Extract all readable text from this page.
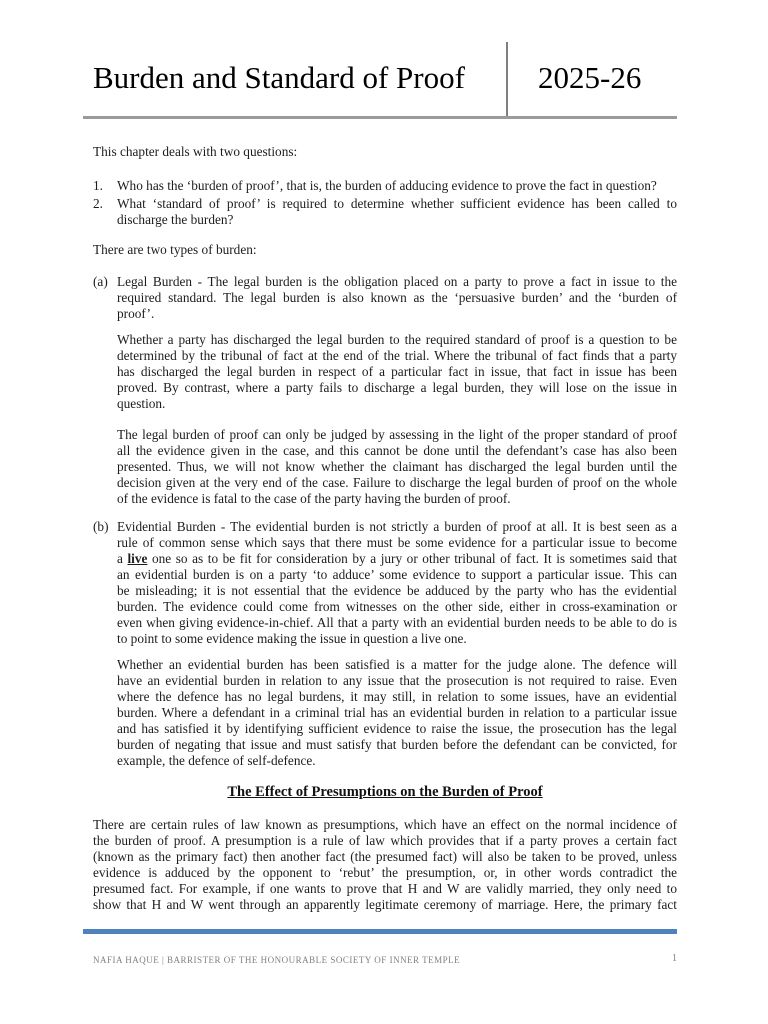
Burden and Standard of Proof 2025-26
This chapter deals with two questions:
1.	Who has the ‘burden of proof’, that is, the burden of adducing evidence to prove the fact in question?
2.	What ‘standard of proof’ is required to determine whether sufficient evidence has been called to
discharge the burden?
There are two types of burden:
(a) Legal Burden - The legal burden is the obligation placed on a party to prove a fact in issue to the
required standard. The legal burden is also known as the ‘persuasive burden’ and the ‘burden of
proof’.
Whether a party has discharged the legal burden to the required standard of proof is a question to be
determined by the tribunal of fact at the end of the trial. Where the tribunal of fact finds that a party
has discharged the legal burden in respect of a particular fact in issue, that fact in issue has been
proved. By contrast, where a party fails to discharge a legal burden, they will lose on the issue in
question.
The legal burden of proof can only be judged by assessing in the light of the proper standard of proof
all the evidence given in the case, and this cannot be done until the defendant’s case has also been
presented. Thus, we will not know whether the claimant has discharged the legal burden until the
decision given at the very end of the case. Failure to discharge the legal burden of proof on the whole
of the evidence is fatal to the case of the party having the burden of proof.
(b) Evidential Burden - The evidential burden is not strictly a burden of proof at all. It is best seen as a
rule of common sense which says that there must be some evidence for a particular issue to become
a live one so as to be fit for consideration by a jury or other tribunal of fact. It is sometimes said that
an evidential burden is on a party ‘to adduce’ some evidence to support a particular issue. This can
be misleading; it is not essential that the evidence be adduced by the party who has the evidential
burden. The evidence could come from witnesses on the other side, either in cross-examination or
even when giving evidence-in-chief. All that a party with an evidential burden needs to be able to do is
to point to some evidence making the issue in question a live one.
Whether an evidential burden has been satisfied is a matter for the judge alone. The defence will
have an evidential burden in relation to any issue that the prosecution is not required to raise. Even
where the defence has no legal burdens, it may still, in relation to some issues, have an evidential
burden. Where a defendant in a criminal trial has an evidential burden in relation to a particular issue
and has satisfied it by identifying sufficient evidence to raise the issue, the prosecution has the legal
burden of negating that issue and must satisfy that burden before the defendant can be convicted, for
example, the defence of self-defence.
The Effect of Presumptions on the Burden of Proof
There are certain rules of law known as presumptions, which have an effect on the normal incidence of
the burden of proof. A presumption is a rule of law which provides that if a party proves a certain fact
(known as the primary fact) then another fact (the presumed fact) will also be taken to be proved, unless
evidence is adduced by the opponent to ‘rebut’ the presumption, or, in other words contradict the
presumed fact. For example, if one wants to prove that H and W are validly married, they only need to
show that H and W went through an apparently legitimate ceremony of marriage. Here, the primary fact
NAFIA HAQUE | BARRISTER OF THE HONOURABLE SOCIETY OF INNER TEMPLE	1
